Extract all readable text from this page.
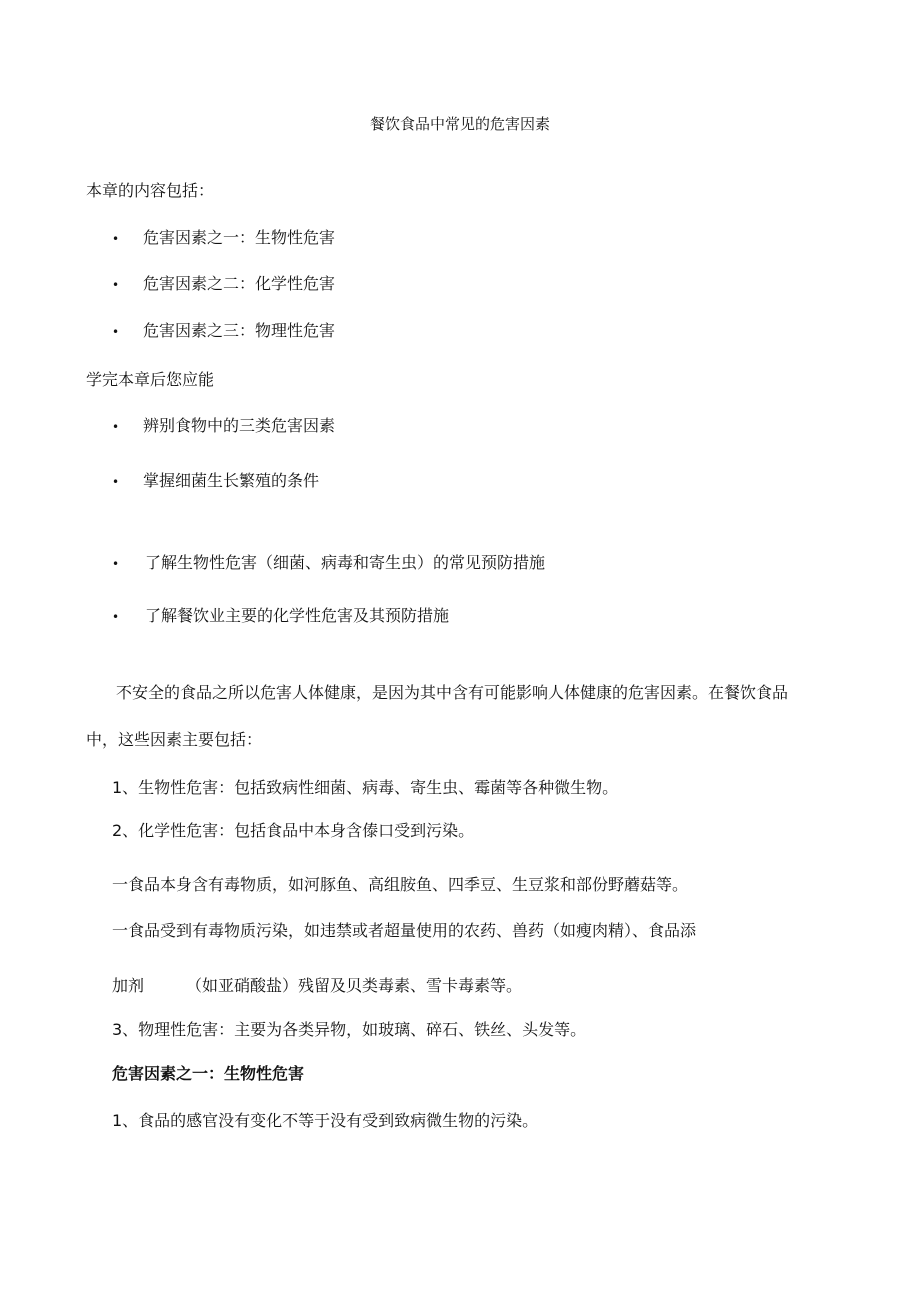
餐饮食品中常见的危害因素
本章的内容包括：
• 危害因素之一：生物性危害
• 危害因素之二：化学性危害
• 危害因素之三：物理性危害
学完本章后您应能
• 辨别食物中的三类危害因素
• 掌握细菌生长繁殖的条件
• 了解生物性危害（细菌、病毒和寄生虫）的常见预防措施
• 了解餐饮业主要的化学性危害及其预防措施
不安全的食品之所以危害人体健康，是因为其中含有可能影响人体健康的危害因素。在餐饮食品
中，这些因素主要包括：
1、生物性危害：包括致病性细菌、病毒、寄生虫、霉菌等各种微生物。
2、化学性危害：包括食品中本身含傣口受到污染。
一食品本身含有毒物质，如河豚鱼、高组胺鱼、四季豆、生豆浆和部份野蘑菇等。
一食品受到有毒物质污染，如违禁或者超量使用的农药、兽药（如瘦肉精）、食品添
加剂	（如亚硝酸盐）残留及贝类毒素、雪卡毒素等。
3、物理性危害：主要为各类异物，如玻璃、碎石、铁丝、头发等。
危害因素之一：生物性危害
1、食品的感官没有变化不等于没有受到致病微生物的污染。
